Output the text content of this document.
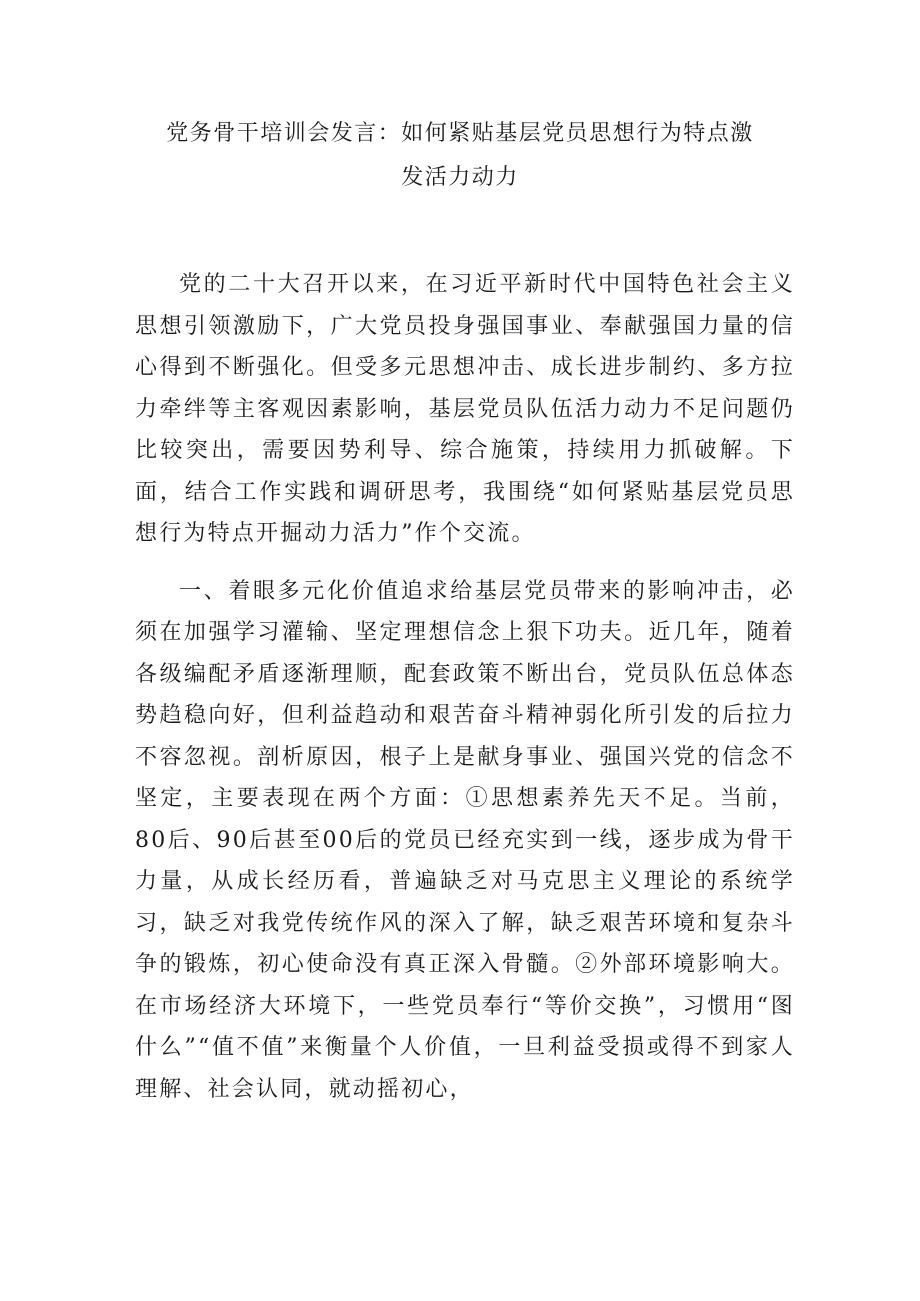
党务骨干培训会发言：如何紧贴基层党员思想行为特点激
发活力动力

党的二十大召开以来，在习近平新时代中国特色社会主义思想引领激励下，广大党员投身强国事业、奉献强国力量的信心得到不断强化。但受多元思想冲击、成长进步制约、多方拉力牵绊等主客观因素影响，基层党员队伍活力动力不足问题仍比较突出，需要因势利导、综合施策，持续用力抓破解。下面，结合工作实践和调研思考，我围绕“如何紧贴基层党员思想行为特点开掘动力活力”作个交流。

一、着眼多元化价值追求给基层党员带来的影响冲击，必须在加强学习灌输、坚定理想信念上狠下功夫。近几年，随着各级编配矛盾逐渐理顺，配套政策不断出台，党员队伍总体态势趋稳向好，但利益趋动和艰苦奋斗精神弱化所引发的后拉力不容忽视。剖析原因，根子上是献身事业、强国兴党的信念不坚定，主要表现在两个方面：①思想素养先天不足。当前，80后、90后甚至00后的党员已经充实到一线，逐步成为骨干力量，从成长经历看，普遍缺乏对马克思主义理论的系统学习，缺乏对我党传统作风的深入了解，缺乏艰苦环境和复杂斗争的锻炼，初心使命没有真正深入骨髓。②外部环境影响大。在市场经济大环境下，一些党员奉行“等价交换”，习惯用“图什么”“值不值”来衡量个人价值，一旦利益受损或得不到家人理解、社会认同，就动摇初心，
